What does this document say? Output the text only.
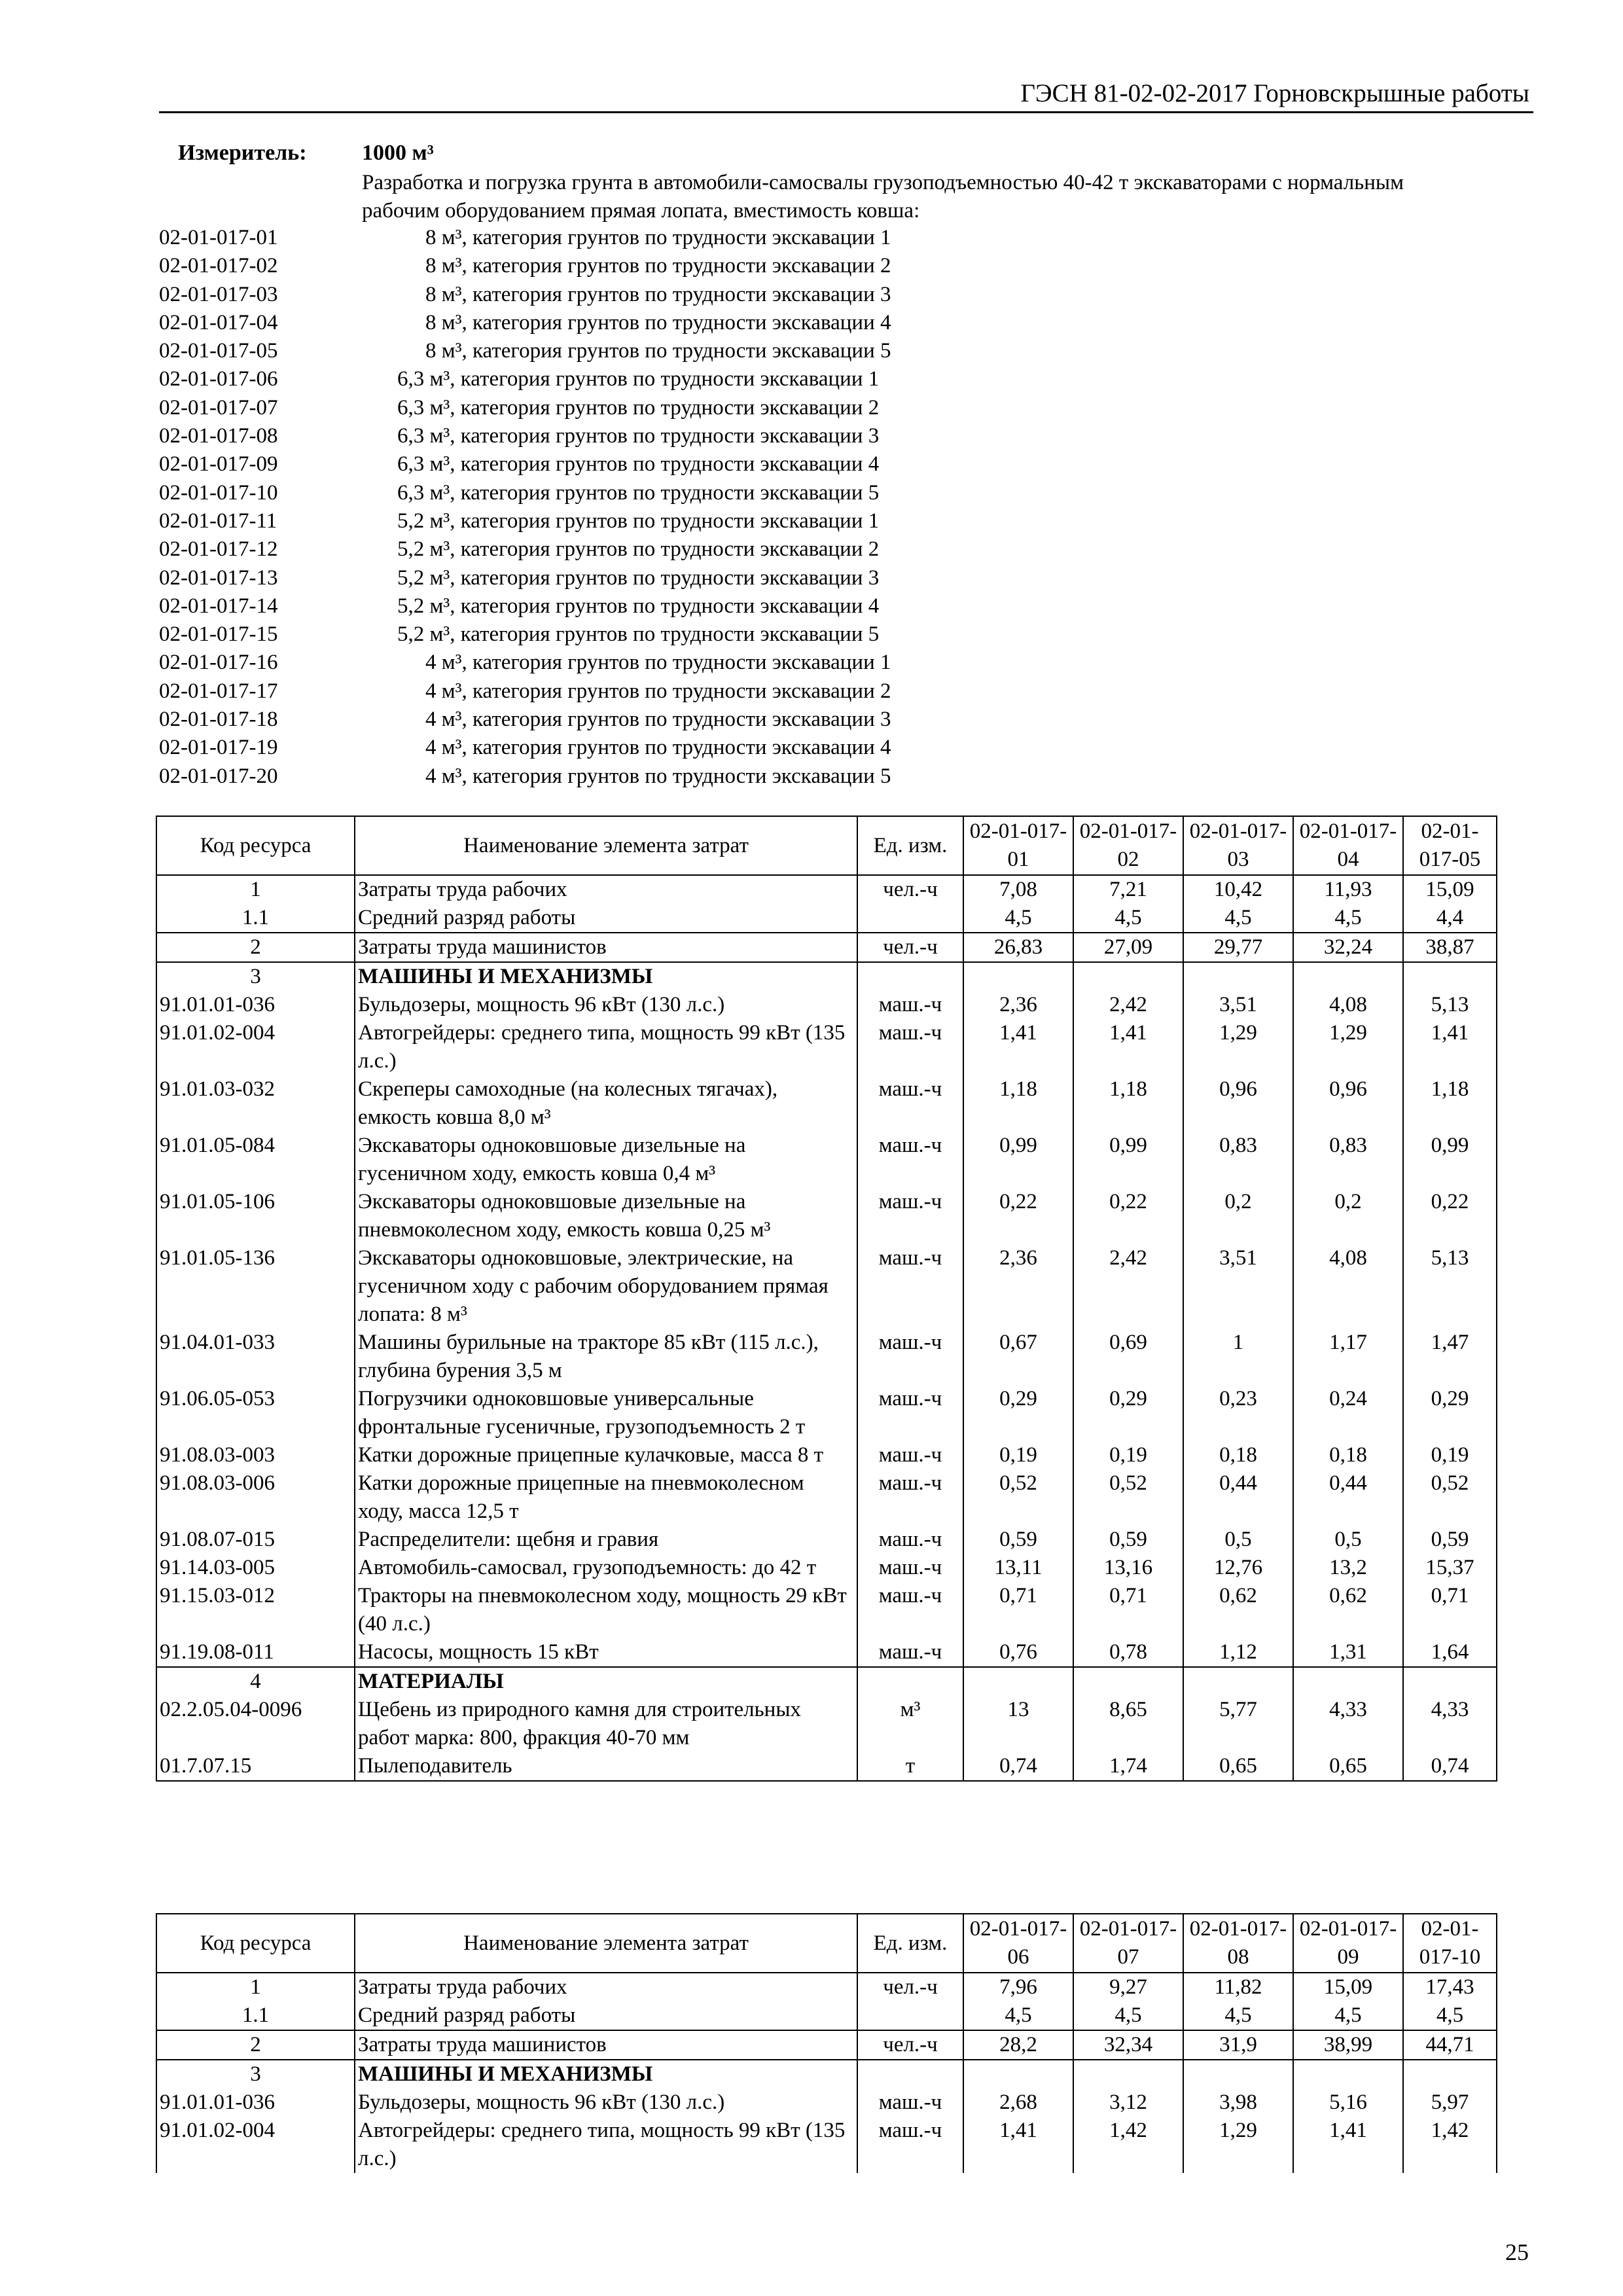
ГЭСН 81-02-02-2017 Горновскрышные работы
Измеритель: 1000 м³
Разработка и погрузка грунта в автомобили-самосвалы грузоподъемностью 40-42 т экскаваторами с нормальным рабочим оборудованием прямая лопата, вместимость ковша:
02-01-017-01	8 м³, категория грунтов по трудности экскавации 1
02-01-017-02	8 м³, категория грунтов по трудности экскавации 2
02-01-017-03	8 м³, категория грунтов по трудности экскавации 3
02-01-017-04	8 м³, категория грунтов по трудности экскавации 4
02-01-017-05	8 м³, категория грунтов по трудности экскавации 5
02-01-017-06	6,3 м³, категория грунтов по трудности экскавации 1
02-01-017-07	6,3 м³, категория грунтов по трудности экскавации 2
02-01-017-08	6,3 м³, категория грунтов по трудности экскавации 3
02-01-017-09	6,3 м³, категория грунтов по трудности экскавации 4
02-01-017-10	6,3 м³, категория грунтов по трудности экскавации 5
02-01-017-11	5,2 м³, категория грунтов по трудности экскавации 1
02-01-017-12	5,2 м³, категория грунтов по трудности экскавации 2
02-01-017-13	5,2 м³, категория грунтов по трудности экскавации 3
02-01-017-14	5,2 м³, категория грунтов по трудности экскавации 4
02-01-017-15	5,2 м³, категория грунтов по трудности экскавации 5
02-01-017-16	4 м³, категория грунтов по трудности экскавации 1
02-01-017-17	4 м³, категория грунтов по трудности экскавации 2
02-01-017-18	4 м³, категория грунтов по трудности экскавации 3
02-01-017-19	4 м³, категория грунтов по трудности экскавации 4
02-01-017-20	4 м³, категория грунтов по трудности экскавации 5
Код ресурса	Наименование элемента затрат	Ед. изм.	02-01-017-01	02-01-017-02	02-01-017-03	02-01-017-04	02-01-017-05
1	Затраты труда рабочих	чел.-ч	7,08	7,21	10,42	11,93	15,09
1.1	Средний разряд работы		4,5	4,5	4,5	4,5	4,4
2	Затраты труда машинистов	чел.-ч	26,83	27,09	29,77	32,24	38,87
3	МАШИНЫ И МЕХАНИЗМЫ						
91.01.01-036	Бульдозеры, мощность 96 кВт (130 л.с.)	маш.-ч	2,36	2,42	3,51	4,08	5,13
91.01.02-004	Автогрейдеры: среднего типа, мощность 99 кВт (135 л.с.)	маш.-ч	1,41	1,41	1,29	1,29	1,41
91.01.03-032	Скреперы самоходные (на колесных тягачах), емкость ковша 8,0 м³	маш.-ч	1,18	1,18	0,96	0,96	1,18
91.01.05-084	Экскаваторы одноковшовые дизельные на гусеничном ходу, емкость ковша 0,4 м³	маш.-ч	0,99	0,99	0,83	0,83	0,99
91.01.05-106	Экскаваторы одноковшовые дизельные на пневмоколесном ходу, емкость ковша 0,25 м³	маш.-ч	0,22	0,22	0,2	0,2	0,22
91.01.05-136	Экскаваторы одноковшовые, электрические, на гусеничном ходу с рабочим оборудованием прямая лопата: 8 м³	маш.-ч	2,36	2,42	3,51	4,08	5,13
91.04.01-033	Машины бурильные на тракторе 85 кВт (115 л.с.), глубина бурения 3,5 м	маш.-ч	0,67	0,69	1	1,17	1,47
91.06.05-053	Погрузчики одноковшовые универсальные фронтальные гусеничные, грузоподъемность 2 т	маш.-ч	0,29	0,29	0,23	0,24	0,29
91.08.03-003	Катки дорожные прицепные кулачковые, масса 8 т	маш.-ч	0,19	0,19	0,18	0,18	0,19
91.08.03-006	Катки дорожные прицепные на пневмоколесном ходу, масса 12,5 т	маш.-ч	0,52	0,52	0,44	0,44	0,52
91.08.07-015	Распределители: щебня и гравия	маш.-ч	0,59	0,59	0,5	0,5	0,59
91.14.03-005	Автомобиль-самосвал, грузоподъемность: до 42 т	маш.-ч	13,11	13,16	12,76	13,2	15,37
91.15.03-012	Тракторы на пневмоколесном ходу, мощность 29 кВт (40 л.с.)	маш.-ч	0,71	0,71	0,62	0,62	0,71
91.19.08-011	Насосы, мощность 15 кВт	маш.-ч	0,76	0,78	1,12	1,31	1,64
4	МАТЕРИАЛЫ						
02.2.05.04-0096	Щебень из природного камня для строительных работ марка: 800, фракция 40-70 мм	м³	13	8,65	5,77	4,33	4,33
01.7.07.15	Пылеподавитель	т	0,74	1,74	0,65	0,65	0,74
Код ресурса	Наименование элемента затрат	Ед. изм.	02-01-017-06	02-01-017-07	02-01-017-08	02-01-017-09	02-01-017-10
1	Затраты труда рабочих	чел.-ч	7,96	9,27	11,82	15,09	17,43
1.1	Средний разряд работы		4,5	4,5	4,5	4,5	4,5
2	Затраты труда машинистов	чел.-ч	28,2	32,34	31,9	38,99	44,71
3	МАШИНЫ И МЕХАНИЗМЫ						
91.01.01-036	Бульдозеры, мощность 96 кВт (130 л.с.)	маш.-ч	2,68	3,12	3,98	5,16	5,97
91.01.02-004	Автогрейдеры: среднего типа, мощность 99 кВт (135 л.с.)	маш.-ч	1,41	1,42	1,29	1,41	1,42
25
